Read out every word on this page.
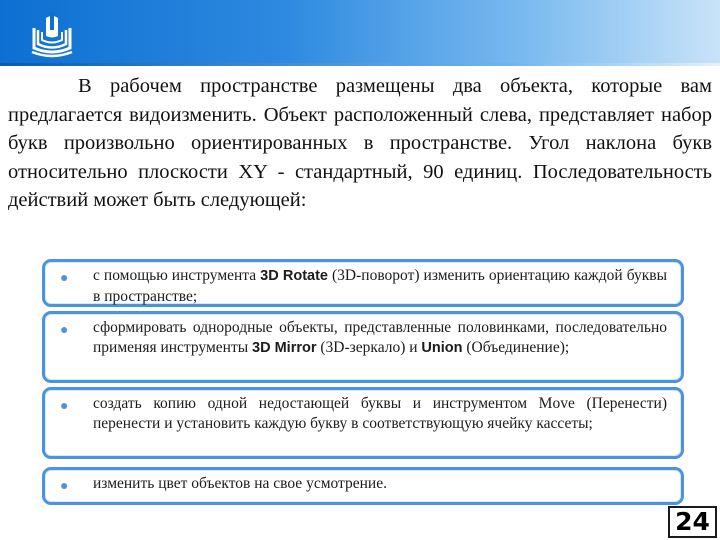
В рабочем пространстве размещены два объекта, которые вам предлагается видоизменить. Объект расположенный слева, представляет набор букв произвольно ориентированных в пространстве. Угол наклона букв относительно плоскости XY - стандартный, 90 единиц. Последовательность действий может быть следующей:

● с помощью инструмента 3D Rotate (3D-поворот) изменить ориентацию каждой буквы в пространстве;

● сформировать однородные объекты, представленные половинками, последовательно применяя инструменты 3D Mirror (3D-зеркало) и Union (Объединение);

● создать копию одной недостающей буквы и инструментом Move (Перенести) перенести и установить каждую букву в соответствующую ячейку кассеты;

● изменить цвет объектов на свое усмотрение.

24
